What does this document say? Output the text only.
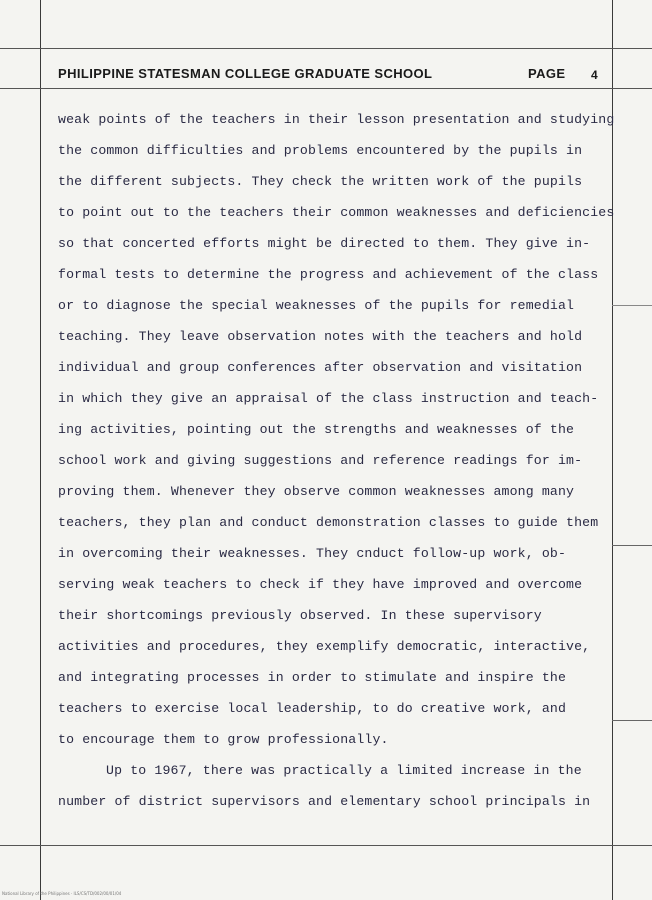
PHILIPPINE STATESMAN COLLEGE GRADUATE SCHOOL	PAGE 4
weak points of the teachers in their lesson presentation and studying
the common difficulties and problems encountered by the pupils in
the different subjects. They check the written work of the pupils
to point out to the teachers their common weaknesses and deficiencies
so that concerted efforts might be directed to them. They give in-
formal tests to determine the progress and achievement of the class
or to diagnose the special weaknesses of the pupils for remedial
teaching. They leave observation notes with the teachers and hold
individual and group conferences after observation and visitation
in which they give an appraisal of the class instruction and teach-
ing activities, pointing out the strengths and weaknesses of the
school work and giving suggestions and reference readings for im-
proving them. Whenever they observe common weaknesses among many
teachers, they plan and conduct demonstration classes to guide them
in overcoming their weaknesses. They cnduct follow-up work, ob-
serving weak teachers to check if they have improved and overcome
their shortcomings previously observed. In these supervisory
activities and procedures, they exemplify democratic, interactive,
and integrating processes in order to stimulate and inspire the
teachers to exercise local leadership, to do creative work, and
to encourage them to grow professionally.
Up to 1967, there was practically a limited increase in the
number of district supervisors and elementary school principals in
National Library of the Philippines · ILS/CS/TD/002/00/01/04
